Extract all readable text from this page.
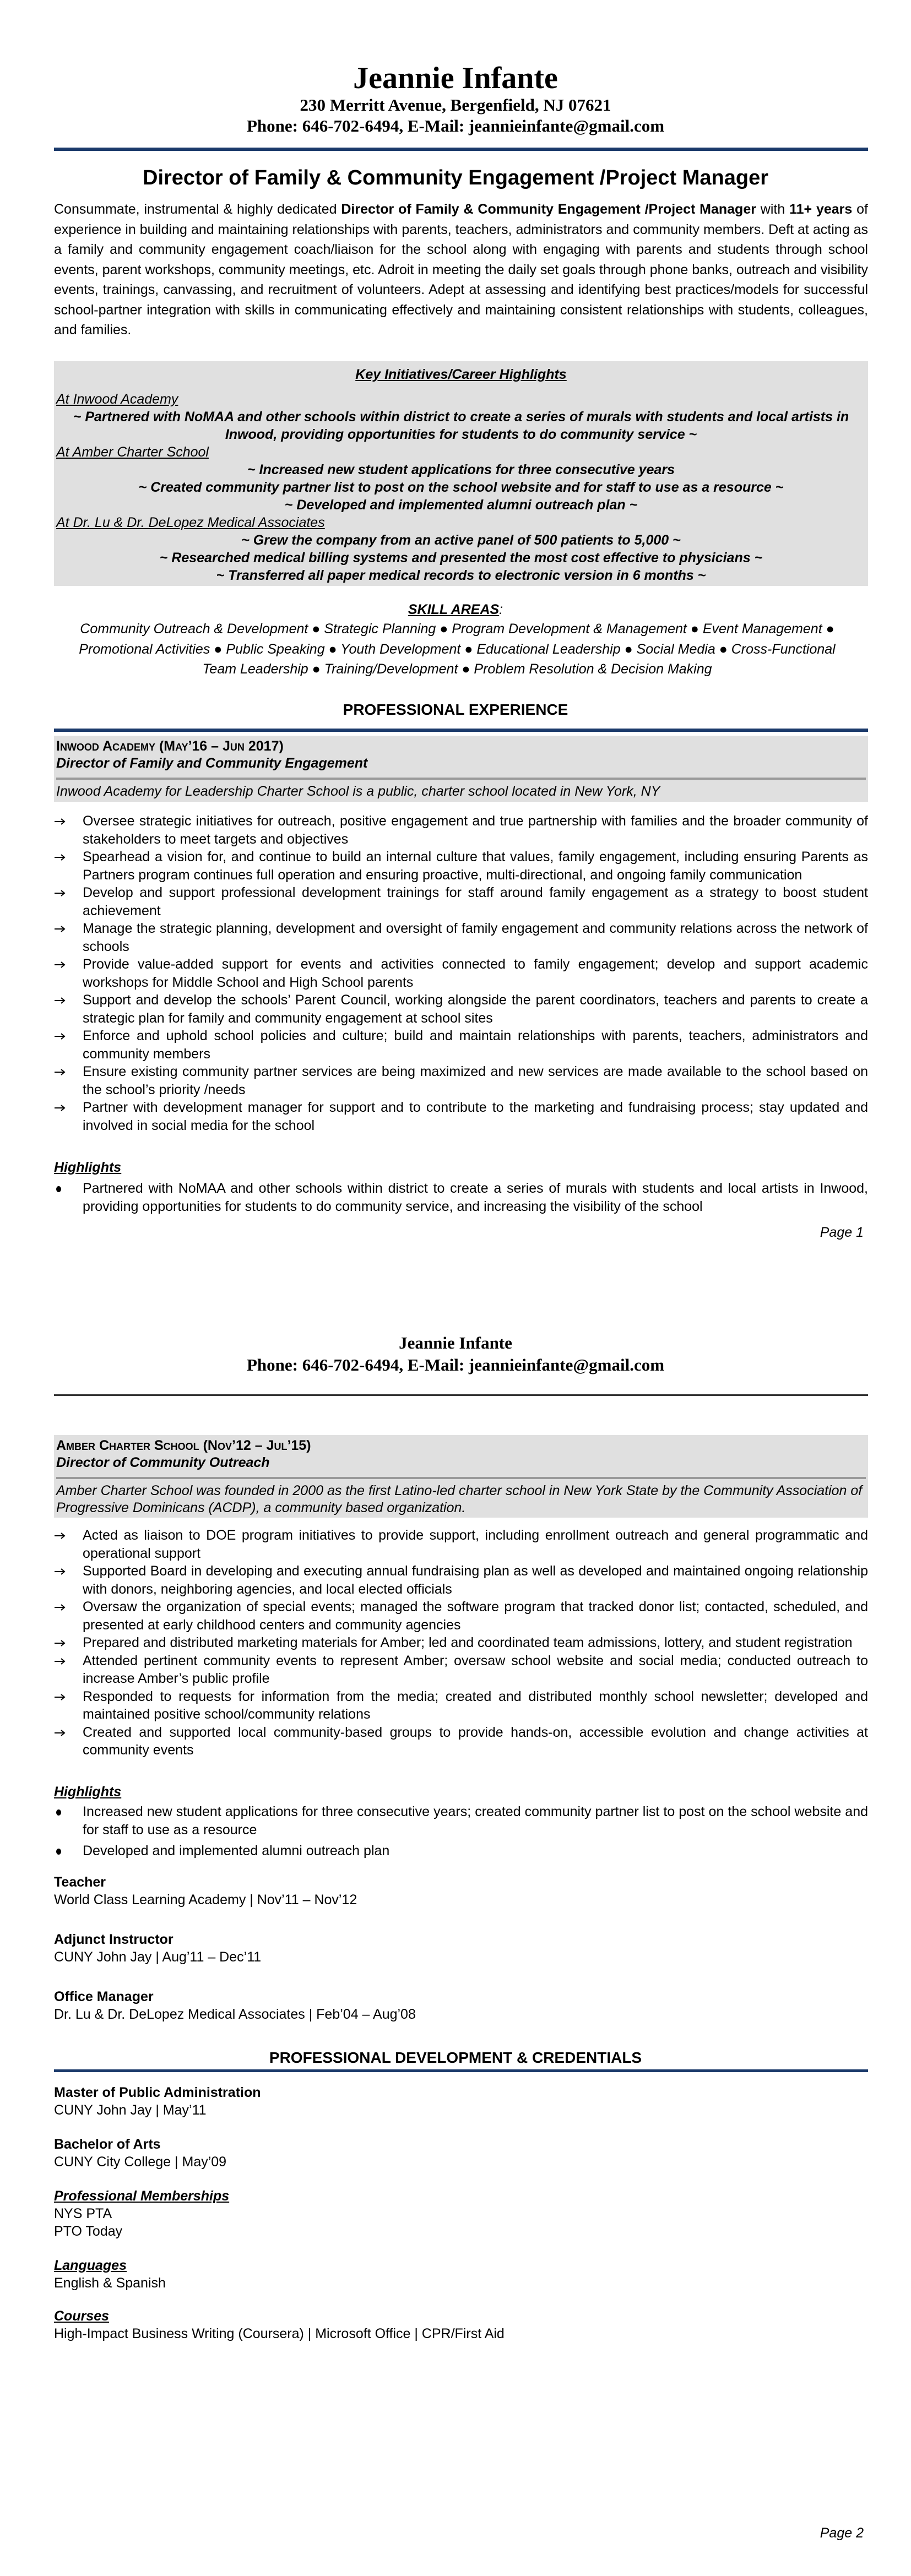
Jeannie Infante
230 Merritt Avenue, Bergenfield, NJ 07621
Phone: 646-702-6494, E-Mail: jeannieinfante@gmail.com
Director of Family & Community Engagement /Project Manager
Consummate, instrumental & highly dedicated Director of Family & Community Engagement /Project Manager with 11+ years of experience in building and maintaining relationships with parents, teachers, administrators and community members. Deft at acting as a family and community engagement coach/liaison for the school along with engaging with parents and students through school events, parent workshops, community meetings, etc. Adroit in meeting the daily set goals through phone banks, outreach and visibility events, trainings, canvassing, and recruitment of volunteers. Adept at assessing and identifying best practices/models for successful school-partner integration with skills in communicating effectively and maintaining consistent relationships with students, colleagues, and families.
Key Initiatives/Career Highlights
At Inwood Academy
~ Partnered with NoMAA and other schools within district to create a series of murals with students and local artists in Inwood, providing opportunities for students to do community service ~
At Amber Charter School
~ Increased new student applications for three consecutive years
~ Created community partner list to post on the school website and for staff to use as a resource ~
~ Developed and implemented alumni outreach plan ~
At Dr. Lu & Dr. DeLopez Medical Associates
~ Grew the company from an active panel of 500 patients to 5,000 ~
~ Researched medical billing systems and presented the most cost effective to physicians ~
~ Transferred all paper medical records to electronic version in 6 months ~
SKILL AREAS:
Community Outreach & Development ● Strategic Planning ● Program Development & Management ● Event Management ● Promotional Activities ● Public Speaking ● Youth Development ● Educational Leadership ● Social Media ● Cross-Functional Team Leadership ● Training/Development ● Problem Resolution & Decision Making
PROFESSIONAL EXPERIENCE
Inwood Academy (May’16 – Jun 2017)
Director of Family and Community Engagement
Inwood Academy for Leadership Charter School is a public, charter school located in New York, NY
Oversee strategic initiatives for outreach, positive engagement and true partnership with families and the broader community of stakeholders to meet targets and objectives
Spearhead a vision for, and continue to build an internal culture that values, family engagement, including ensuring Parents as Partners program continues full operation and ensuring proactive, multi-directional, and ongoing family communication
Develop and support professional development trainings for staff around family engagement as a strategy to boost student achievement
Manage the strategic planning, development and oversight of family engagement and community relations across the network of schools
Provide value-added support for events and activities connected to family engagement; develop and support academic workshops for Middle School and High School parents
Support and develop the schools’ Parent Council, working alongside the parent coordinators, teachers and parents to create a strategic plan for family and community engagement at school sites
Enforce and uphold school policies and culture; build and maintain relationships with parents, teachers, administrators and community members
Ensure existing community partner services are being maximized and new services are made available to the school based on the school’s priority /needs
Partner with development manager for support and to contribute to the marketing and fundraising process; stay updated and involved in social media for the school
Highlights
Partnered with NoMAA and other schools within district to create a series of murals with students and local artists in Inwood, providing opportunities for students to do community service, and increasing the visibility of the school
Page 1
Jeannie Infante
Phone: 646-702-6494, E-Mail: jeannieinfante@gmail.com
Amber Charter School (Nov’12 – Jul’15)
Director of Community Outreach
Amber Charter School was founded in 2000 as the first Latino-led charter school in New York State by the Community Association of Progressive Dominicans (ACDP), a community based organization.
Acted as liaison to DOE program initiatives to provide support, including enrollment outreach and general programmatic and operational support
Supported Board in developing and executing annual fundraising plan as well as developed and maintained ongoing relationship with donors, neighboring agencies, and local elected officials
Oversaw the organization of special events; managed the software program that tracked donor list; contacted, scheduled, and presented at early childhood centers and community agencies
Prepared and distributed marketing materials for Amber; led and coordinated team admissions, lottery, and student registration
Attended pertinent community events to represent Amber; oversaw school website and social media; conducted outreach to increase Amber’s public profile
Responded to requests for information from the media; created and distributed monthly school newsletter; developed and maintained positive school/community relations
Created and supported local community-based groups to provide hands-on, accessible evolution and change activities at community events
Highlights
Increased new student applications for three consecutive years; created community partner list to post on the school website and for staff to use as a resource
Developed and implemented alumni outreach plan
Teacher
World Class Learning Academy | Nov’11 – Nov’12
Adjunct Instructor
CUNY John Jay | Aug’11 – Dec’11
Office Manager
Dr. Lu & Dr. DeLopez Medical Associates | Feb’04 – Aug’08
PROFESSIONAL DEVELOPMENT & CREDENTIALS
Master of Public Administration
CUNY John Jay | May’11
Bachelor of Arts
CUNY City College | May’09
Professional Memberships
NYS PTA
PTO Today
Languages
English & Spanish
Courses
High-Impact Business Writing (Coursera) | Microsoft Office | CPR/First Aid
Page 2
